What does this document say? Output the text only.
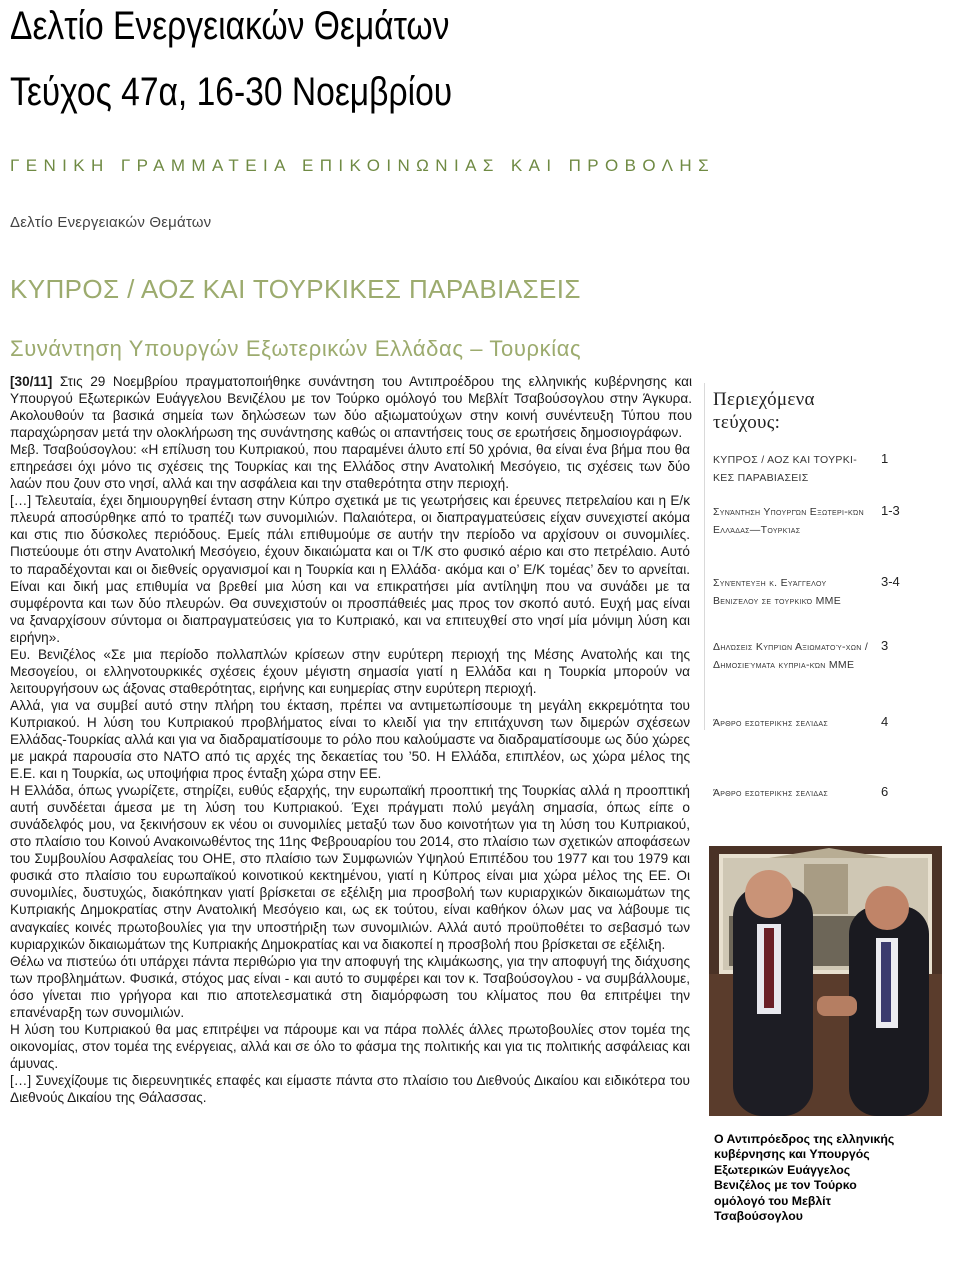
Δελτίο Ενεργειακών Θεμάτων
Τεύχος 47α, 16-30 Νοεμβρίου
ΓΕΝΙΚΗ ΓΡΑΜΜΑΤΕΙΑ ΕΠΙΚΟΙΝΩΝΙΑΣ ΚΑΙ ΠΡΟΒΟΛΗΣ
Δελτίο Ενεργειακών Θεμάτων
ΚΥΠΡΟΣ / ΑΟΖ ΚΑΙ ΤΟΥΡΚΙΚΕΣ ΠΑΡΑΒΙΑΣΕΙΣ
Συνάντηση Υπουργών Εξωτερικών Ελλάδας – Τουρκίας

[30/11] Στις 29 Νοεμβρίου πραγματοποιήθηκε συνάντηση του Αντιπροέδρου της ελληνικής κυβέρνησης και Υπουργού Εξωτερικών Ευάγγελου Βενιζέλου με τον Τούρκο ομόλογό του Μεβλίτ Τσαβούσογλου στην Άγκυρα. Ακολουθούν τα βασικά σημεία των δηλώσεων των δύο αξιωματούχων στην κοινή συνέντευξη Τύπου που παραχώρησαν μετά την ολοκλήρωση της συνάντησης καθώς οι απαντήσεις τους σε ερωτήσεις δημοσιογράφων.

Μεβ. Τσαβούσογλου: «Η επίλυση του Κυπριακού, που παραμένει άλυτο επί 50 χρόνια, θα είναι ένα βήμα που θα επηρεάσει όχι μόνο τις σχέσεις της Τουρκίας και της Ελλάδος στην Ανατολική Μεσόγειο, τις σχέσεις των δύο λαών που ζουν στο νησί, αλλά και την ασφάλεια και την σταθερότητα στην περιοχή.

[…] Τελευταία, έχει δημιουργηθεί ένταση στην Κύπρο σχετικά με τις γεωτρήσεις και έρευνες πετρελαίου και η Ε/κ πλευρά αποσύρθηκε από το τραπέζι των συνομιλιών. Παλαιότερα, οι διαπραγματεύσεις είχαν συνεχιστεί ακόμα και στις πιο δύσκολες περιόδους. Εμείς πάλι επιθυμούμε σε αυτήν την περίοδο να αρχίσουν οι συνομιλίες. Πιστεύουμε ότι στην Ανατολική Μεσόγειο, έχουν δικαιώματα και οι Τ/Κ στο φυσικό αέριο και στο πετρέλαιο. Αυτό το παραδέχονται και οι διεθνείς οργανισμοί και η Τουρκία και η Ελλάδα· ακόμα και ο’ Ε/Κ τομέας’ δεν το αρνείται. Είναι και δική μας επιθυμία να βρεθεί μια λύση και να επικρατήσει μία αντίληψη που να συνάδει με τα συμφέροντα και των δύο πλευρών. Θα συνεχιστούν οι προσπάθειές μας προς τον σκοπό αυτό. Ευχή μας είναι να ξαναρχίσουν σύντομα οι διαπραγματεύσεις για το Κυπριακό, και να επιτευχθεί στο νησί μία μόνιμη λύση και ειρήνη».

Ευ. Βενιζέλος «Σε μια περίοδο πολλαπλών κρίσεων στην ευρύτερη περιοχή της Μέσης Ανατολής και της Μεσογείου, οι ελληνοτουρκικές σχέσεις έχουν μέγιστη σημασία γιατί η Ελλάδα και η Τουρκία μπορούν να λειτουργήσουν ως άξονας σταθερότητας, ειρήνης και ευημερίας στην ευρύτερη περιοχή.

Αλλά, για να συμβεί αυτό στην πλήρη του έκταση, πρέπει να αντιμετωπίσουμε τη μεγάλη εκκρεμότητα του Κυπριακού. Η λύση του Κυπριακού προβλήματος είναι το κλειδί για την επιτάχυνση των διμερών σχέσεων Ελλάδας-Τουρκίας αλλά και για να διαδραματίσουμε το ρόλο που καλούμαστε να διαδραματίσουμε ως δύο χώρες με μακρά παρουσία στο ΝΑΤΟ από τις αρχές της δεκαετίας του ’50. Η Ελλάδα, επιπλέον, ως χώρα μέλος της Ε.Ε. και η Τουρκία, ως υποψήφια προς ένταξη χώρα στην ΕΕ.

Η Ελλάδα, όπως γνωρίζετε, στηρίζει, ευθύς εξαρχής, την ευρωπαϊκή προοπτική της Τουρκίας αλλά η προοπτική αυτή συνδέεται άμεσα με τη λύση του Κυπριακού. Έχει πράγματι πολύ μεγάλη σημασία, όπως είπε ο συνάδελφός μου, να ξεκινήσουν εκ νέου οι συνομιλίες μεταξύ των δυο κοινοτήτων για τη λύση του Κυπριακού, στο πλαίσιο του Κοινού Ανακοινωθέντος της 11ης Φεβρουαρίου του 2014, στο πλαίσιο των σχετικών αποφάσεων του Συμβουλίου Ασφαλείας του ΟΗΕ, στο πλαίσιο των Συμφωνιών Υψηλού Επιπέδου του 1977 και του 1979 και φυσικά στο πλαίσιο του ευρωπαϊκού κοινοτικού κεκτημένου, γιατί η Κύπρος είναι μια χώρα μέλος της ΕΕ. Οι συνομιλίες, δυστυχώς, διακόπηκαν γιατί βρίσκεται σε εξέλιξη μια προσβολή των κυριαρχικών δικαιωμάτων της Κυπριακής Δημοκρατίας στην Ανατολική Μεσόγειο και, ως εκ τούτου, είναι καθήκον όλων μας να λάβουμε τις αναγκαίες κοινές πρωτοβουλίες για την υποστήριξη των συνομιλιών. Αλλά αυτό προϋποθέτει το σεβασμό των κυριαρχικών δικαιωμάτων της Κυπριακής Δημοκρατίας και να διακοπεί η προσβολή που βρίσκεται σε εξέλιξη.

Θέλω να πιστεύω ότι υπάρχει πάντα περιθώριο για την αποφυγή της κλιμάκωσης, για την αποφυγή της διάχυσης των προβλημάτων. Φυσικά, στόχος μας είναι - και αυτό το συμφέρει και τον κ. Τσαβούσογλου - να συμβάλλουμε, όσο γίνεται πιο γρήγορα και πιο αποτελεσματικά στη διαμόρφωση του κλίματος που θα επιτρέψει την επανέναρξη των συνομιλιών.

Η λύση του Κυπριακού θα μας επιτρέψει να πάρουμε και να πάρα πολλές άλλες πρωτοβουλίες στον τομέα της οικονομίας, στον τομέα της ενέργειας, αλλά και σε όλο το φάσμα της πολιτικής και για τις πολιτικής ασφάλειας και άμυνας.

[…] Συνεχίζουμε τις διερευνητικές επαφές και είμαστε πάντα στο πλαίσιο του Διεθνούς Δικαίου και ειδικότερα του Διεθνούς Δικαίου της Θάλασσας.

Περιεχόμενα τεύχους:
ΚΥΠΡΟΣ / ΑΟΖ ΚΑΙ ΤΟΥΡΚΙ-ΚΕΣ ΠΑΡΑΒΙΑΣΕΙΣ
1
Συνάντηση Υπουργών Εξωτερι-κών Ελλάδας—Τουρκίας
1-3
Συνέντευξη κ. Ευάγγελου Βενιζέλου σε τουρκικό ΜΜΕ
3-4
Δηλώσεις Κυπρίων Αξιωματού-χων / Δημοσιεύματα κυπρια-κών ΜΜΕ
3
Άρθρο εσωτερικής σελίδας	4
Άρθρο εσωτερικής σελίδας	6
Ο Αντιπρόεδρος της ελληνικής κυβέρνησης και Υπουργός Εξωτερικών Ευάγγελος Βενιζέλος με τον Τούρκο ομόλογό του Μεβλίτ Τσαβούσογλου
